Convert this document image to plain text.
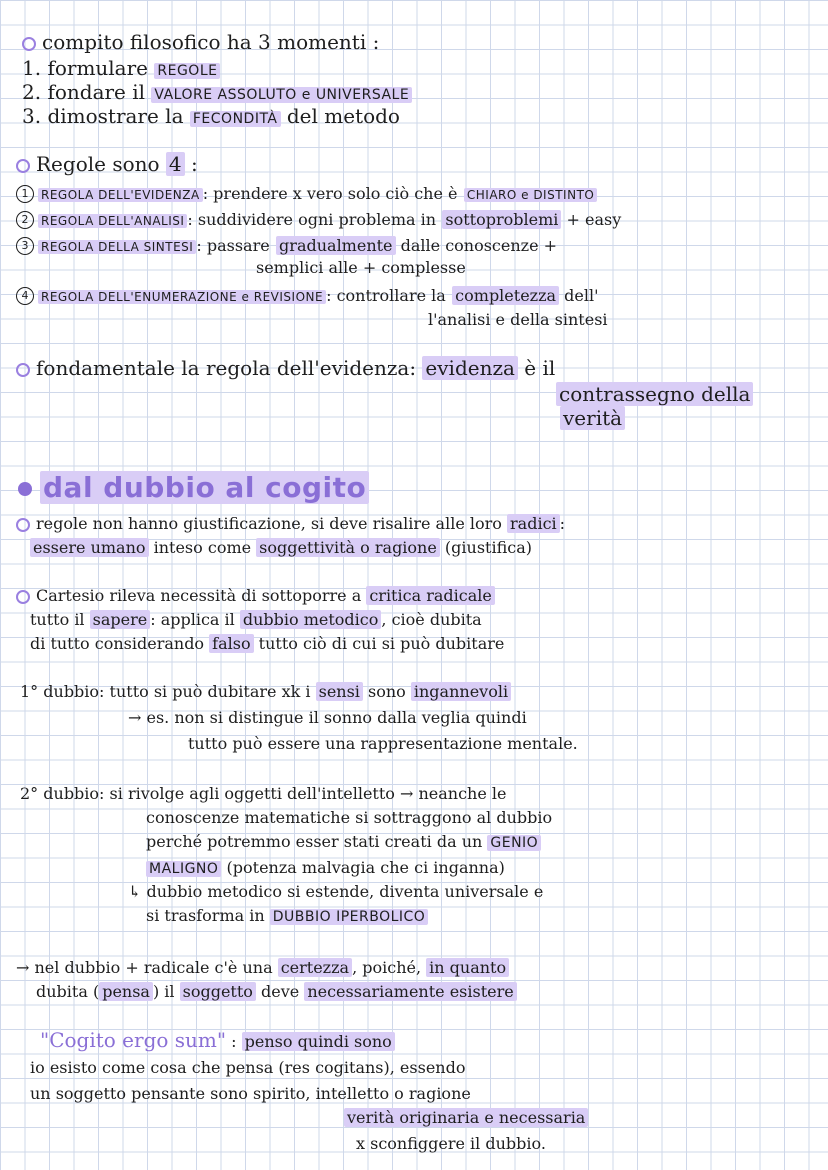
compito filosofico ha 3 momenti :
1. formulare REGOLE
2. fondare il VALORE ASSOLUTO e UNIVERSALE
3. dimostrare la FECONDITÀ del metodo
Regole sono 4 :
1 REGOLA DELL'EVIDENZA : prendere x vero solo ciò che è CHIARO e DISTINTO
2 REGOLA DELL'ANALISI : suddividere ogni problema in sottoproblemi + easy
3 REGOLA DELLA SINTESI : passare gradualmente dalle conoscenze +
semplici alle + complesse
4 REGOLA DELL'ENUMERAZIONE e REVISIONE : controllare la completezza dell'
l'analisi e della sintesi
fondamentale la regola dell'evidenza: evidenza è il
contrassegno della
verità
dal dubbio al cogito
regole non hanno giustificazione, si deve risalire alle loro radici :
essere umano inteso come soggettività o ragione (giustifica)
Cartesio rileva necessità di sottoporre a critica radicale
tutto il sapere : applica il dubbio metodico , cioè dubita
di tutto considerando falso tutto ciò di cui si può dubitare
1° dubbio: tutto si può dubitare xk i sensi sono ingannevoli
→ es. non si distingue il sonno dalla veglia quindi
tutto può essere una rappresentazione mentale.
2° dubbio: si rivolge agli oggetti dell'intelletto → neanche le
conoscenze matematiche si sottraggono al dubbio
perché potremmo esser stati creati da un GENIO
MALIGNO (potenza malvagia che ci inganna)
↳ dubbio metodico si estende, diventa universale e
si trasforma in DUBBIO IPERBOLICO
→ nel dubbio + radicale c'è una certezza , poiché, in quanto
dubita ( pensa ) il soggetto deve necessariamente esistere
"Cogito ergo sum" : penso quindi sono
io esisto come cosa che pensa (res cogitans), essendo
un soggetto pensante sono spirito, intelletto o ragione
verità originaria e necessaria
x sconfiggere il dubbio.
